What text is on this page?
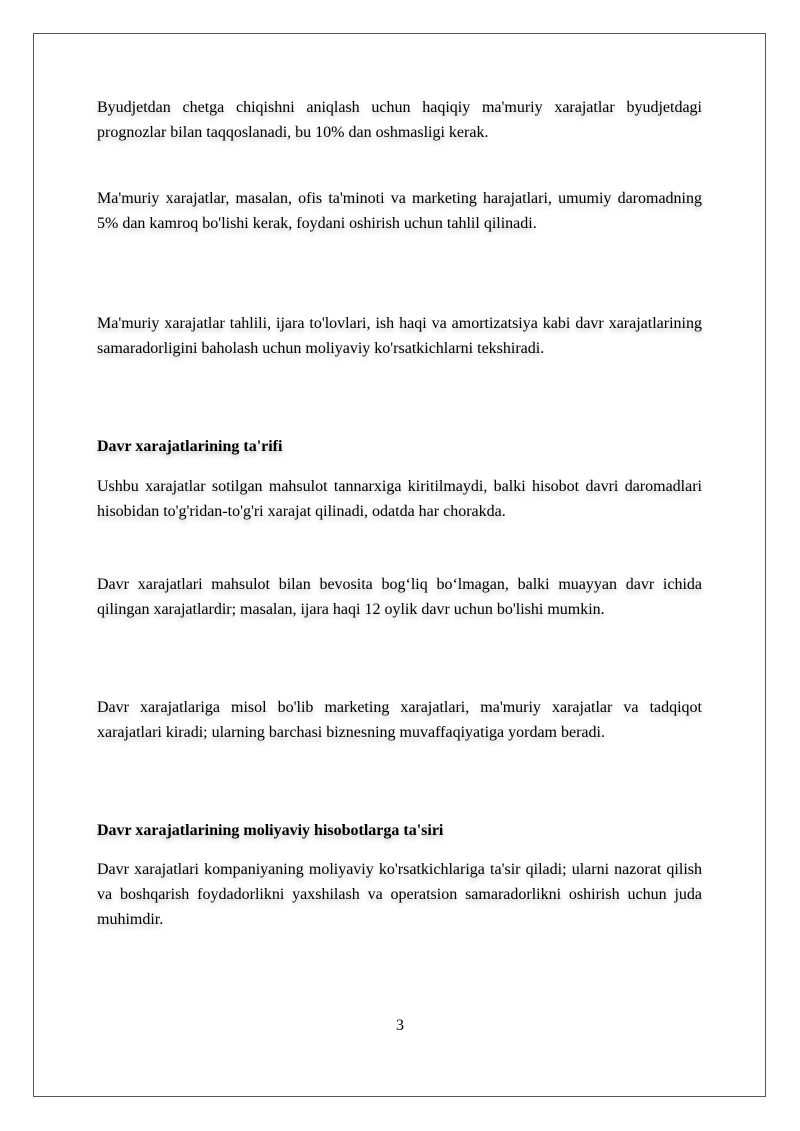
Byudjetdan chetga chiqishni aniqlash uchun haqiqiy ma'muriy xarajatlar byudjetdagi prognozlar bilan taqqoslanadi, bu 10% dan oshmasligi kerak.

Ma'muriy xarajatlar, masalan, ofis ta'minoti va marketing harajatlari, umumiy daromadning 5% dan kamroq bo'lishi kerak, foydani oshirish uchun tahlil qilinadi.

Ma'muriy xarajatlar tahlili, ijara to'lovlari, ish haqi va amortizatsiya kabi davr xarajatlarining samaradorligini baholash uchun moliyaviy ko'rsatkichlarni tekshiradi.

Davr xarajatlarining ta'rifi

Ushbu xarajatlar sotilgan mahsulot tannarxiga kiritilmaydi, balki hisobot davri daromadlari hisobidan to'g'ridan-to'g'ri xarajat qilinadi, odatda har chorakda.

Davr xarajatlari mahsulot bilan bevosita bog‘liq bo‘lmagan, balki muayyan davr ichida qilingan xarajatlardir; masalan, ijara haqi 12 oylik davr uchun bo'lishi mumkin.

Davr xarajatlariga misol bo'lib marketing xarajatlari, ma'muriy xarajatlar va tadqiqot xarajatlari kiradi; ularning barchasi biznesning muvaffaqiyatiga yordam beradi.

Davr xarajatlarining moliyaviy hisobotlarga ta'siri

Davr xarajatlari kompaniyaning moliyaviy ko'rsatkichlariga ta'sir qiladi; ularni nazorat qilish va boshqarish foydadorlikni yaxshilash va operatsion samaradorlikni oshirish uchun juda muhimdir.

3
